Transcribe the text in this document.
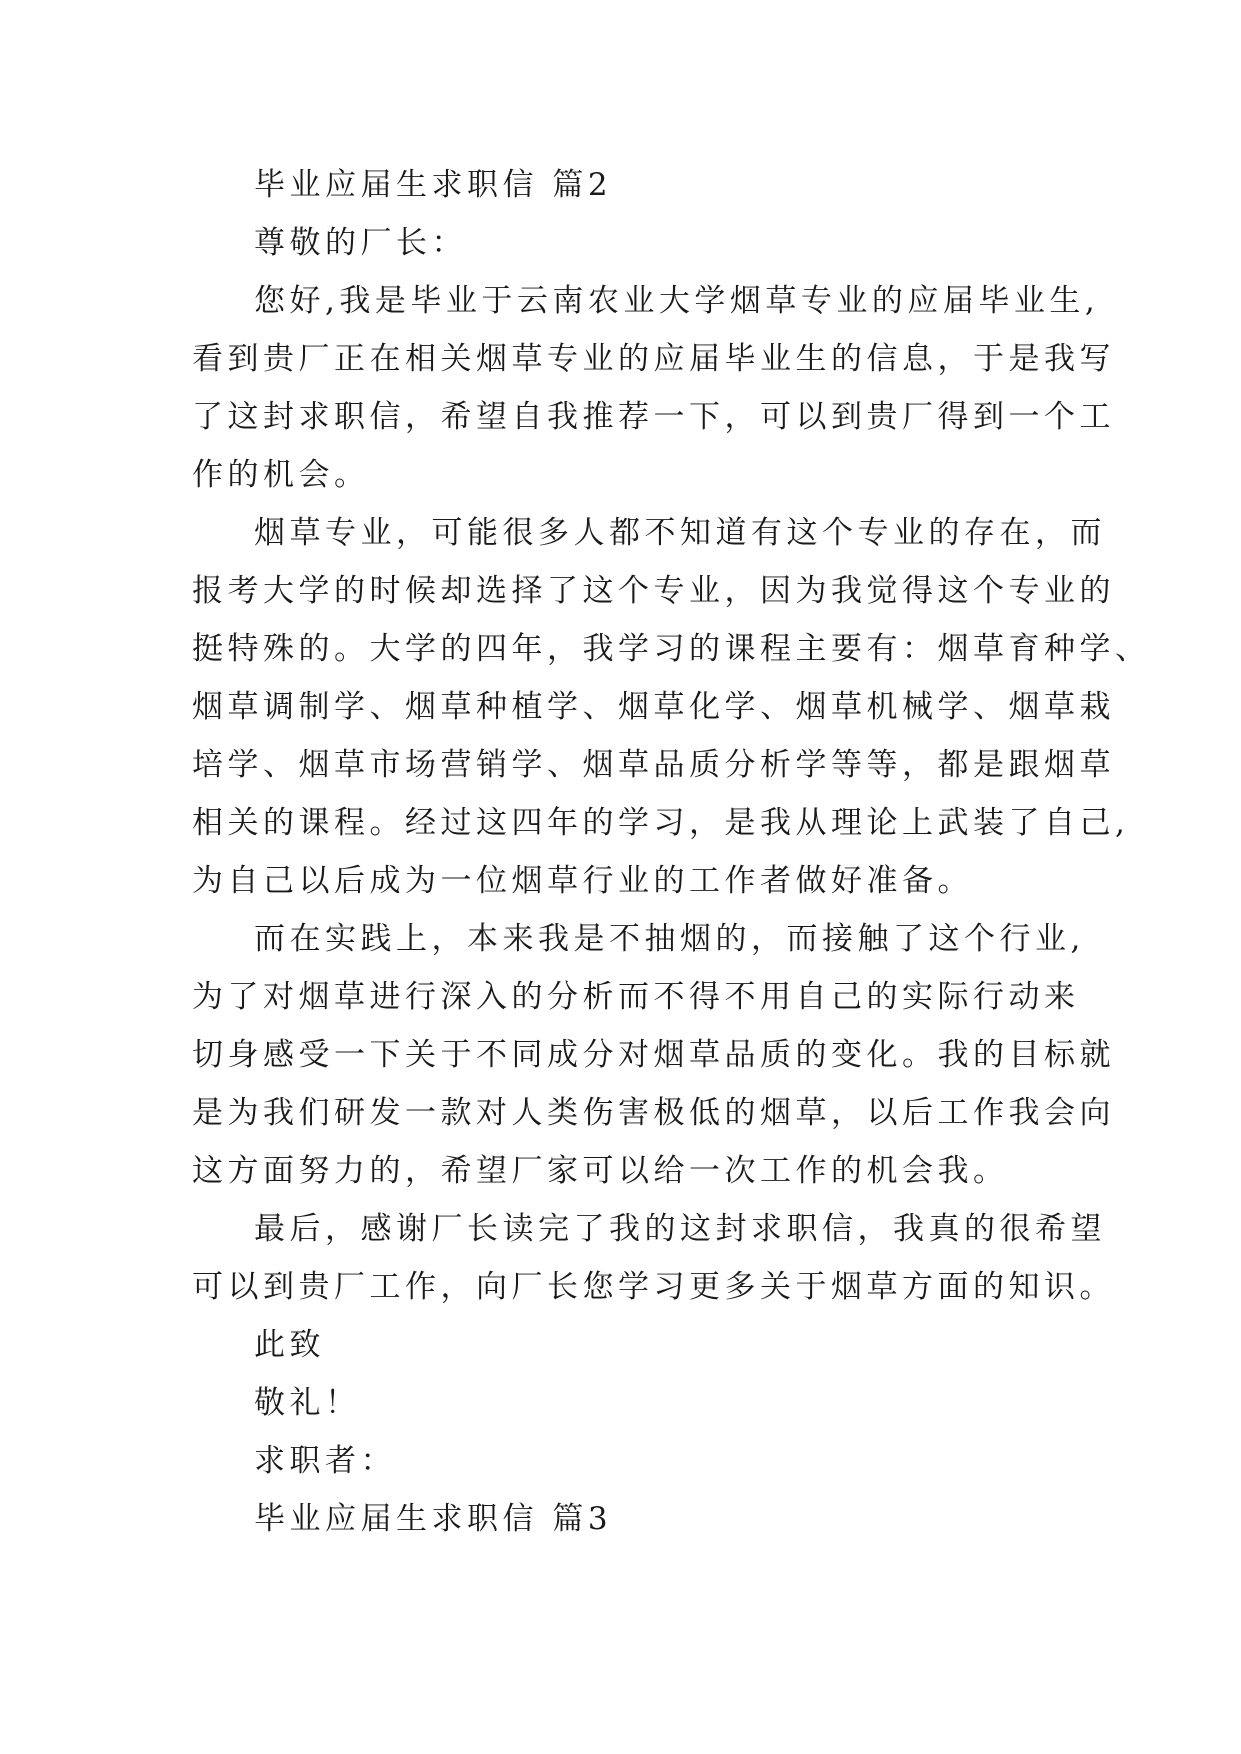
毕业应届生求职信 篇2
尊敬的厂长：
您好,我是毕业于云南农业大学烟草专业的应届毕业生,
看到贵厂正在相关烟草专业的应届毕业生的信息，于是我写
了这封求职信，希望自我推荐一下，可以到贵厂得到一个工
作的机会。
烟草专业，可能很多人都不知道有这个专业的存在，而
报考大学的时候却选择了这个专业，因为我觉得这个专业的
挺特殊的。大学的四年，我学习的课程主要有：烟草育种学、
烟草调制学、烟草种植学、烟草化学、烟草机械学、烟草栽
培学、烟草市场营销学、烟草品质分析学等等，都是跟烟草
相关的课程。经过这四年的学习，是我从理论上武装了自己,
为自己以后成为一位烟草行业的工作者做好准备。
而在实践上，本来我是不抽烟的，而接触了这个行业,
为了对烟草进行深入的分析而不得不用自己的实际行动来
切身感受一下关于不同成分对烟草品质的变化。我的目标就
是为我们研发一款对人类伤害极低的烟草，以后工作我会向
这方面努力的，希望厂家可以给一次工作的机会我。
最后，感谢厂长读完了我的这封求职信，我真的很希望
可以到贵厂工作，向厂长您学习更多关于烟草方面的知识。
此致
敬礼！
求职者：
毕业应届生求职信 篇3
